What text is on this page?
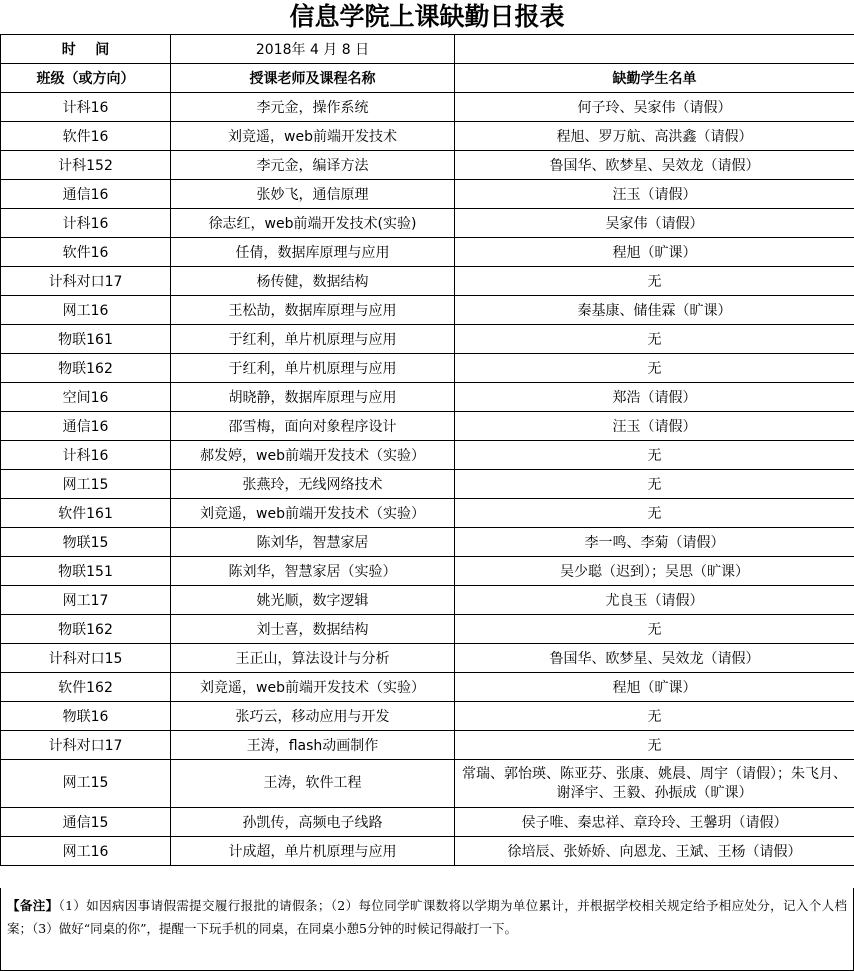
信息学院上课缺勤日报表
时    间	2018年 4 月 8 日	
班级（或方向）	授课老师及课程名称	缺勤学生名单
计科16	李元金，操作系统	何子玲、吴家伟（请假）
软件16	刘竞遥，web前端开发技术	程旭、罗万航、高洪鑫（请假）
计科152	李元金，编译方法	鲁国华、欧梦星、吴效龙（请假）
通信16	张妙飞，通信原理	汪玉（请假）
计科16	徐志红，web前端开发技术(实验)	吴家伟（请假）
软件16	任倩，数据库原理与应用	程旭（旷课）
计科对口17	杨传健，数据结构	无
网工16	王松劼，数据库原理与应用	秦基康、储佳霖（旷课）
物联161	于红利，单片机原理与应用	无
物联162	于红利，单片机原理与应用	无
空间16	胡晓静，数据库原理与应用	郑浩（请假）
通信16	邵雪梅，面向对象程序设计	汪玉（请假）
计科16	郝发婷，web前端开发技术（实验）	无
网工15	张燕玲，无线网络技术	无
软件161	刘竞遥，web前端开发技术（实验）	无
物联15	陈刘华，智慧家居	李一鸣、李菊（请假）
物联151	陈刘华，智慧家居（实验）	吴少聪（迟到）；吴思（旷课）
网工17	姚光顺，数字逻辑	尤良玉（请假）
物联162	刘士喜，数据结构	无
计科对口15	王正山，算法设计与分析	鲁国华、欧梦星、吴效龙（请假）
软件162	刘竞遥，web前端开发技术（实验）	程旭（旷课）
物联16	张巧云，移动应用与开发	无
计科对口17	王涛，flash动画制作	无
网工15	王涛，软件工程	常瑞、郭怡瑛、陈亚芬、张康、姚晨、周宇（请假）；朱飞月、谢泽宇、王毅、孙振成（旷课）
通信15	孙凯传，高频电子线路	侯子唯、秦忠祥、章玲玲、王馨玥（请假）
网工16	计成超，单片机原理与应用	徐培辰、张娇娇、向恩龙、王斌、王杨（请假）
【备注】（1）如因病因事请假需提交履行报批的请假条；（2）每位同学旷课数将以学期为单位累计，并根据学校相关规定给予相应处分，记入个人档案；（3）做好“同桌的你”，提醒一下玩手机的同桌，在同桌小憩5分钟的时候记得敲打一下。
